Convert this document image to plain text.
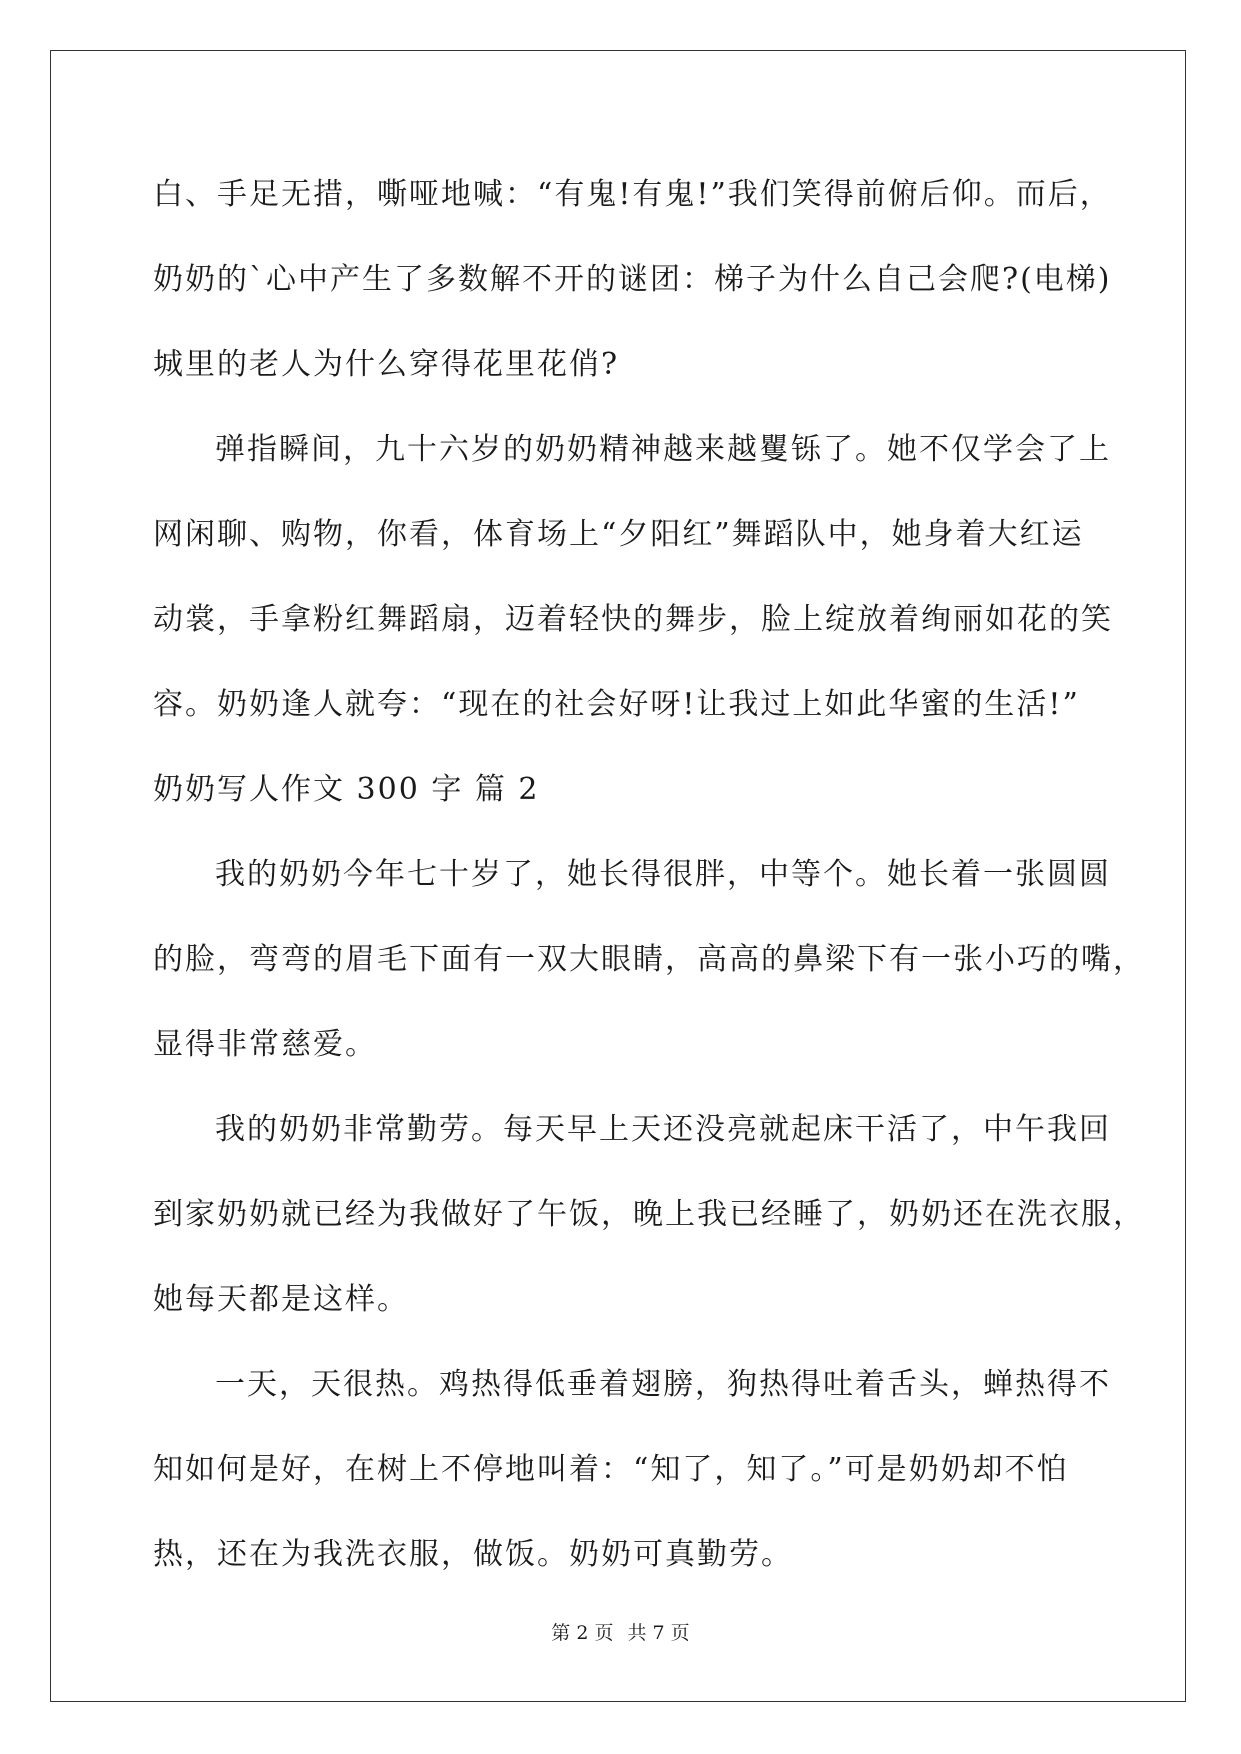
白、手足无措，嘶哑地喊：“有鬼!有鬼!”我们笑得前俯后仰。而后，
奶奶的`心中产生了多数解不开的谜团：梯子为什么自己会爬?(电梯)
城里的老人为什么穿得花里花俏?
弹指瞬间，九十六岁的奶奶精神越来越矍铄了。她不仅学会了上
网闲聊、购物，你看，体育场上“夕阳红”舞蹈队中，她身着大红运
动裳，手拿粉红舞蹈扇，迈着轻快的舞步，脸上绽放着绚丽如花的笑
容。奶奶逢人就夸：“现在的社会好呀!让我过上如此华蜜的生活!”
奶奶写人作文 300 字 篇 2
我的奶奶今年七十岁了，她长得很胖，中等个。她长着一张圆圆
的脸，弯弯的眉毛下面有一双大眼睛，高高的鼻梁下有一张小巧的嘴，
显得非常慈爱。
我的奶奶非常勤劳。每天早上天还没亮就起床干活了，中午我回
到家奶奶就已经为我做好了午饭，晚上我已经睡了，奶奶还在洗衣服，
她每天都是这样。
一天，天很热。鸡热得低垂着翅膀，狗热得吐着舌头，蝉热得不
知如何是好，在树上不停地叫着：“知了，知了。”可是奶奶却不怕
热，还在为我洗衣服，做饭。奶奶可真勤劳。
第 2 页 共 7 页
